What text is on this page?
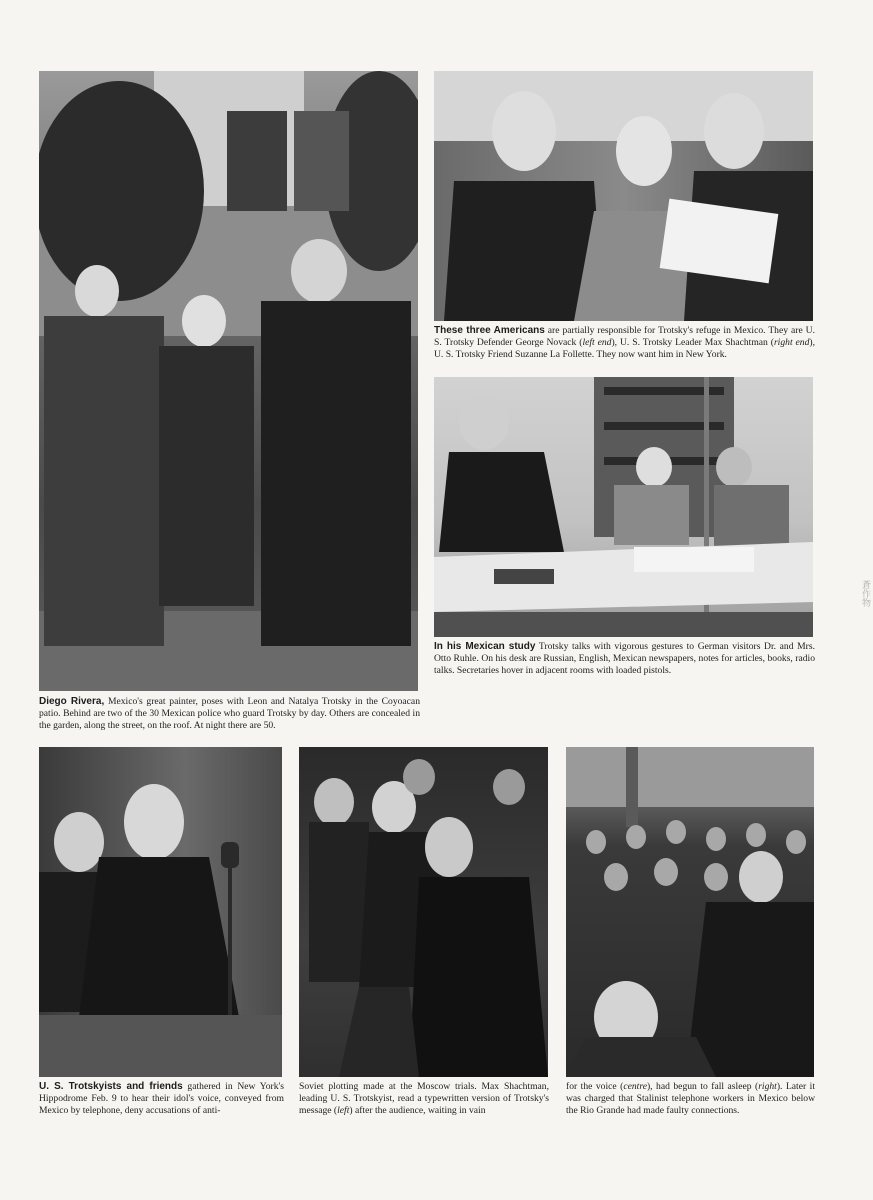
Diego Rivera, Mexico's great painter, poses with Leon and Natalya Trotsky in the Coyoacan patio. Behind are two of the 30 Mexican police who guard Trotsky by day. Others are concealed in the garden, along the street, on the roof. At night there are 50.
These three Americans are partially responsible for Trotsky's refuge in Mexico. They are U. S. Trotsky Defender George Novack (left end), U. S. Trotsky Leader Max Shachtman (right end), U. S. Trotsky Friend Suzanne La Follette. They now want him in New York.
In his Mexican study Trotsky talks with vigorous gestures to German visitors Dr. and Mrs. Otto Ruhle. On his desk are Russian, English, Mexican newspapers, notes for articles, books, radio talks. Secretaries hover in adjacent rooms with loaded pistols.
U. S. Trotskyists and friends gathered in New York's Hippodrome Feb. 9 to hear their idol's voice, conveyed from Mexico by telephone, deny accusations of anti-
Soviet plotting made at the Moscow trials. Max Shachtman, leading U. S. Trotskyist, read a typewritten version of Trotsky's message (left) after the audience, waiting in vain
for the voice (centre), had begun to fall asleep (right). Later it was charged that Stalinist telephone workers in Mexico below the Rio Grande had made faulty connections.
蒼作物
